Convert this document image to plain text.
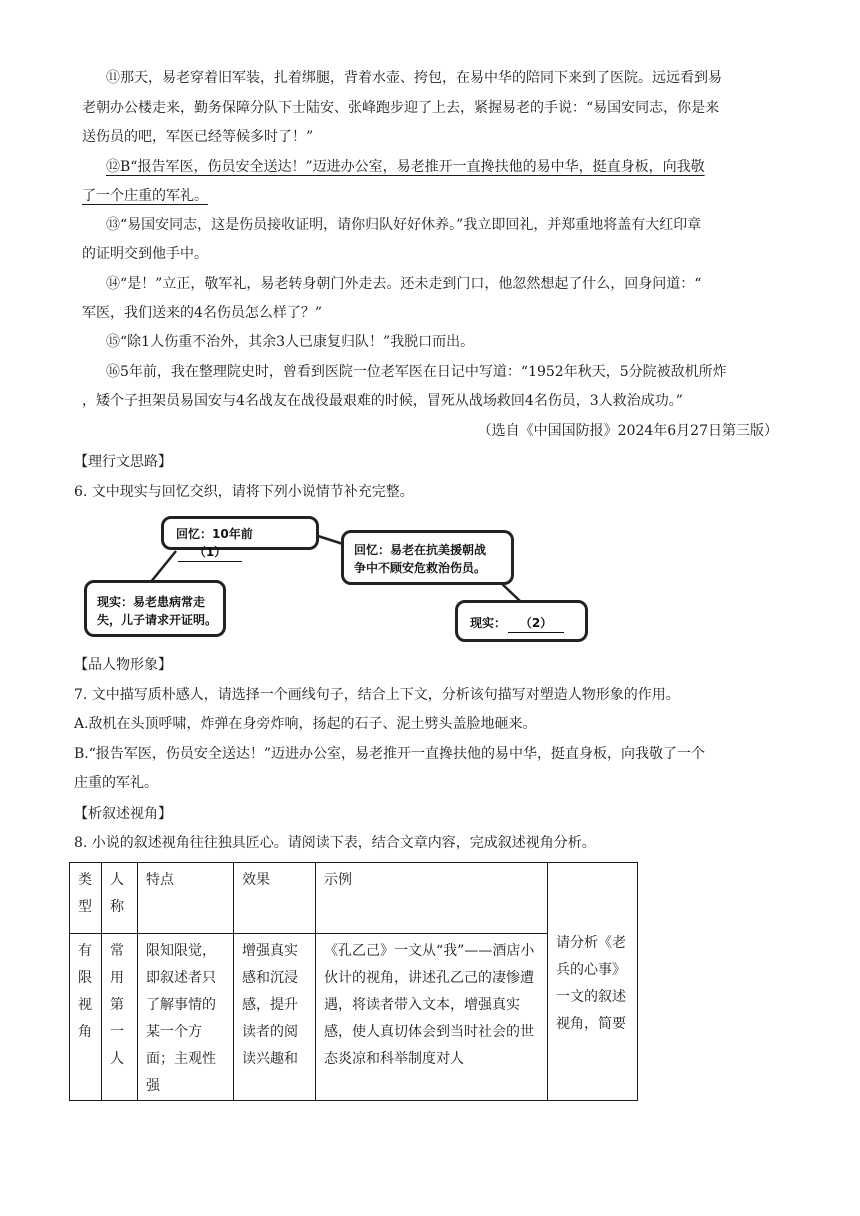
⑪那天，易老穿着旧军装，扎着绑腿，背着水壶、挎包，在易中华的陪同下来到了医院。远远看到易
老朝办公楼走来，勤务保障分队下士陆安、张峰跑步迎了上去，紧握易老的手说：“易国安同志，你是来
送伤员的吧，军医已经等候多时了！”
⑫B“报告军医，伤员安全送达！”迈进办公室，易老推开一直搀扶他的易中华，挺直身板，向我敬
了一个庄重的军礼。
⑬“易国安同志，这是伤员接收证明，请你归队好好休养。”我立即回礼，并郑重地将盖有大红印章
的证明交到他手中。
⑭“是！”立正，敬军礼，易老转身朝门外走去。还未走到门口，他忽然想起了什么，回身问道：“
军医，我们送来的4名伤员怎么样了？”
⑮“除1人伤重不治外，其余3人已康复归队！”我脱口而出。
⑯5年前，我在整理院史时，曾看到医院一位老军医在日记中写道：“1952年秋天，5分院被敌机所炸
，矮个子担架员易国安与4名战友在战役最艰难的时候，冒死从战场救回4名伤员，3人救治成功。”
（选自《中国国防报》2024年6月27日第三版）
【理行文思路】
6. 文中现实与回忆交织，请将下列小说情节补充完整。
回忆：10年前（1）	回忆：易老在抗美援朝战
争中不顾安危救治伤员。
现实：易老患病常走
失，儿子请求开证明。	现实： （2）
【品人物形象】
7. 文中描写质朴感人，请选择一个画线句子，结合上下文，分析该句描写对塑造人物形象的作用。
A.敌机在头顶呼啸，炸弹在身旁炸响，扬起的石子、泥土劈头盖脸地砸来。
B.“报告军医，伤员安全送达！”迈进办公室，易老推开一直搀扶他的易中华，挺直身板，向我敬了一个
庄重的军礼。
【析叙述视角】
8. 小说的叙述视角往往独具匠心。请阅读下表，结合文章内容，完成叙述视角分析。
类型	人称	特点	效果	示例	请分析《老兵的心事》一文的叙述视角，简要
有限视角	常用第一人	限知限觉，即叙述者只了解事情的某一个方面；主观性强	增强真实感和沉浸感，提升读者的阅读兴趣和	《孔乙己》一文从“我”——酒店小伙计的视角，讲述孔乙己的凄惨遭遇，将读者带入文本，增强真实感，使人真切体会到当时社会的世态炎凉和科举制度对人	
